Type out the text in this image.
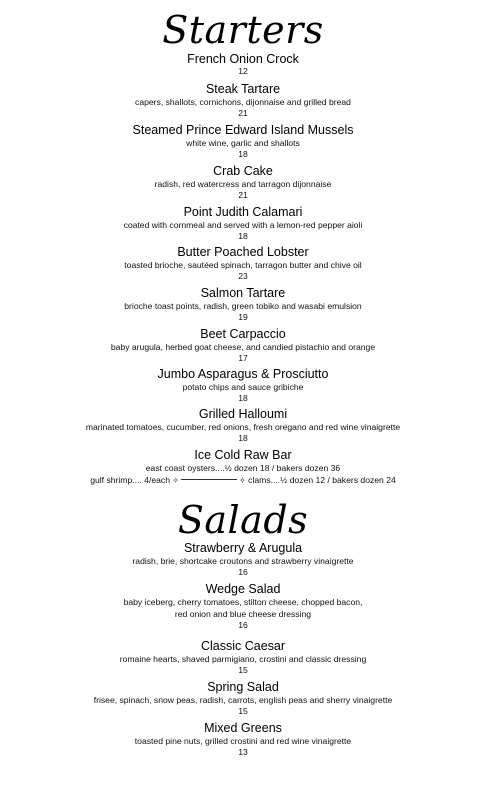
Starters
French Onion Crock
12
Steak Tartare
capers, shallots, cornichons, dijonnaise and grilled bread
21
Steamed Prince Edward Island Mussels
white wine, garlic and shallots
18
Crab Cake
radish, red watercress and tarragon dijonnaise
21
Point Judith Calamari
coated with cornmeal and served with a lemon-red pepper aioli
18
Butter Poached Lobster
toasted brioche, sautéed spinach, tarragon butter and chive oil
23
Salmon Tartare
brioche toast points, radish, green tobiko and wasabi emulsion
19
Beet Carpaccio
baby arugula, herbed goat cheese, and candied pistachio and orange
17
Jumbo Asparagus & Prosciutto
potato chips and sauce gribiche
18
Grilled Halloumi
marinated tomatoes, cucumber, red onions, fresh oregano and red wine vinaigrette
18
Ice Cold Raw Bar
east coast oysters....½ dozen 18 / bakers dozen 36
gulf shrimp.... 4/each ✧	✧ clams....½ dozen 12 / bakers dozen 24
Salads
Strawberry & Arugula
radish, brie, shortcake croutons and strawberry vinaigrette
16
Wedge Salad
baby iceberg, cherry tomatoes, stilton cheese, chopped bacon,
red onion and blue cheese dressing
16
Classic Caesar
romaine hearts, shaved parmigiano, crostini and classic dressing
15
Spring Salad
frisee, spinach, snow peas, radish, carrots, english peas and sherry vinaigrette
15
Mixed Greens
toasted pine nuts, grilled crostini and red wine vinaigrette
13
